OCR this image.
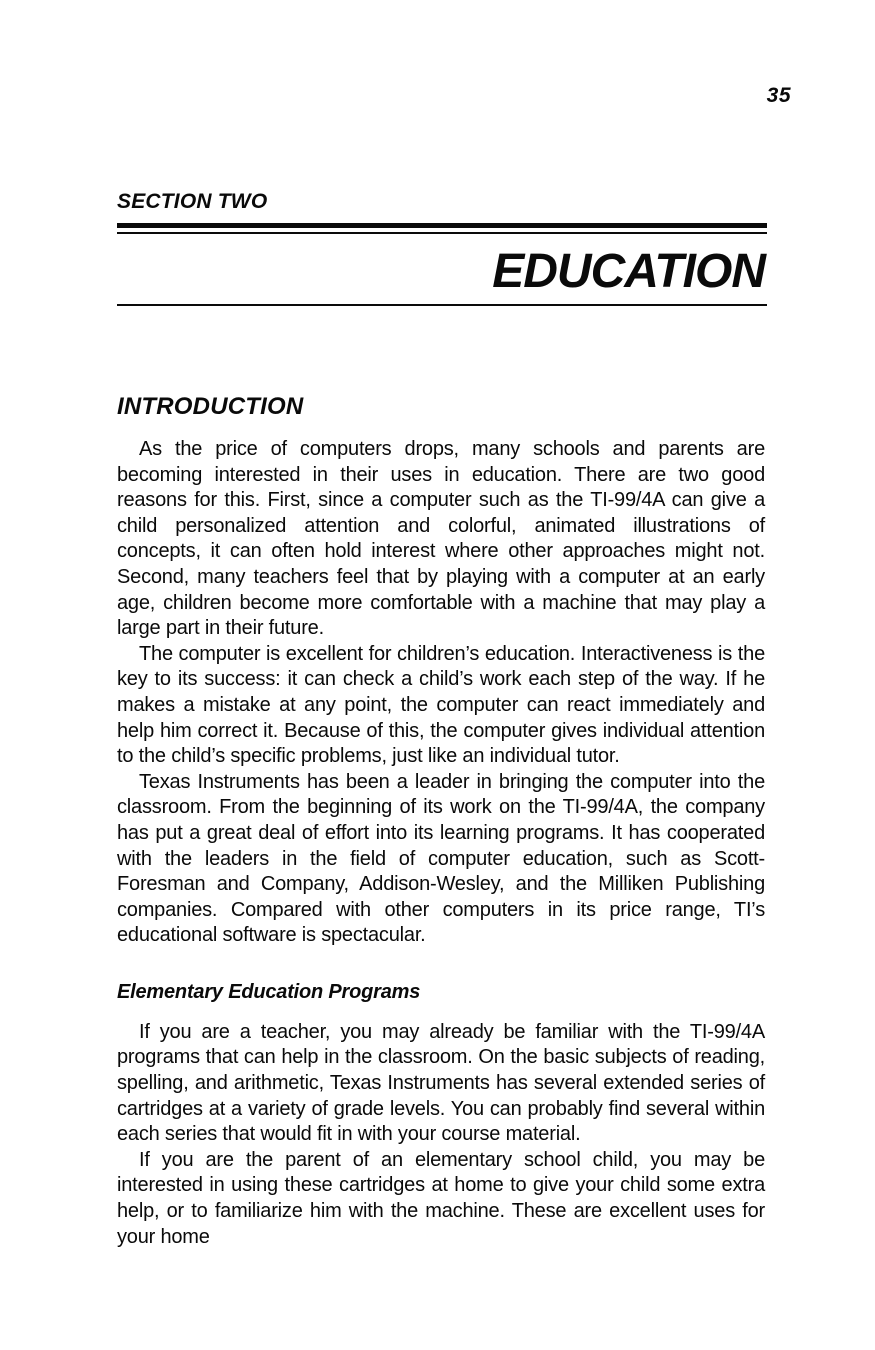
35
SECTION TWO
EDUCATION
INTRODUCTION

As the price of computers drops, many schools and parents are becoming interested in their uses in education. There are two good reasons for this. First, since a computer such as the TI-99/4A can give a child personalized attention and colorful, animated illustrations of concepts, it can often hold interest where other approaches might not. Second, many teachers feel that by playing with a computer at an early age, children become more comfortable with a machine that may play a large part in their future.

The computer is excellent for children’s education. Interactiveness is the key to its success: it can check a child’s work each step of the way. If he makes a mistake at any point, the computer can react immediately and help him correct it. Because of this, the computer gives individual attention to the child’s specific problems, just like an individual tutor.

Texas Instruments has been a leader in bringing the computer into the classroom. From the beginning of its work on the TI-99/4A, the company has put a great deal of effort into its learning programs. It has cooperated with the leaders in the field of computer education, such as Scott-Foresman and Company, Addison-Wesley, and the Milliken Publishing companies. Compared with other computers in its price range, TI’s educational software is spectacular.

Elementary Education Programs

If you are a teacher, you may already be familiar with the TI-99/4A programs that can help in the classroom. On the basic subjects of reading, spelling, and arithmetic, Texas Instruments has several extended series of cartridges at a variety of grade levels. You can probably find several within each series that would fit in with your course material.

If you are the parent of an elementary school child, you may be interested in using these cartridges at home to give your child some extra help, or to familiarize him with the machine. These are excellent uses for your home
